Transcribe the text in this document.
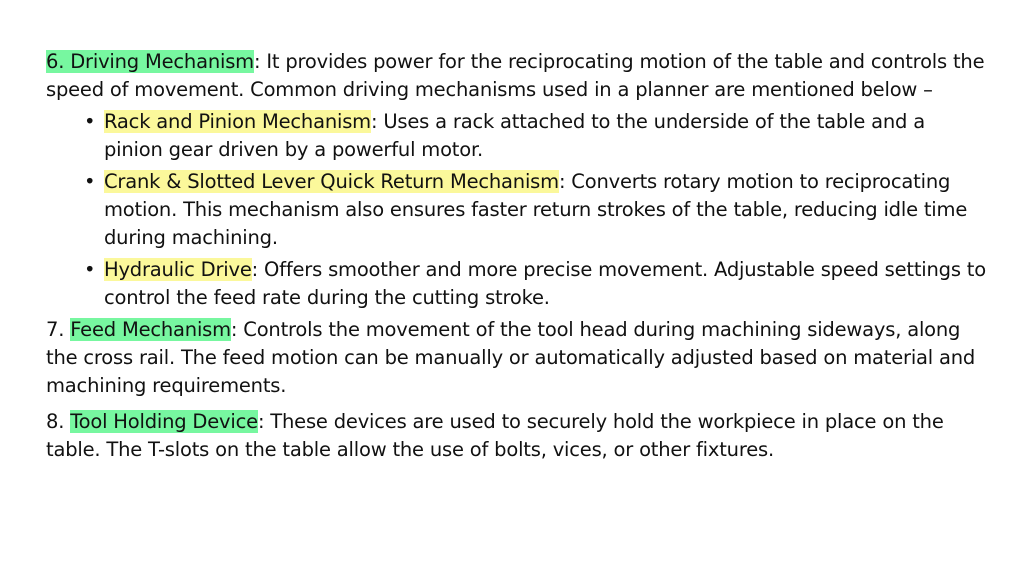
6. Driving Mechanism: It provides power for the reciprocating motion of the table and controls the speed of movement. Common driving mechanisms used in a planner are mentioned below –

• Rack and Pinion Mechanism: Uses a rack attached to the underside of the table and a pinion gear driven by a powerful motor.
• Crank & Slotted Lever Quick Return Mechanism: Converts rotary motion to reciprocating motion. This mechanism also ensures faster return strokes of the table, reducing idle time during machining.
• Hydraulic Drive: Offers smoother and more precise movement. Adjustable speed settings to control the feed rate during the cutting stroke.

7. Feed Mechanism: Controls the movement of the tool head during machining sideways, along the cross rail. The feed motion can be manually or automatically adjusted based on material and machining requirements.

8. Tool Holding Device: These devices are used to securely hold the workpiece in place on the table. The T-slots on the table allow the use of bolts, vices, or other fixtures.
